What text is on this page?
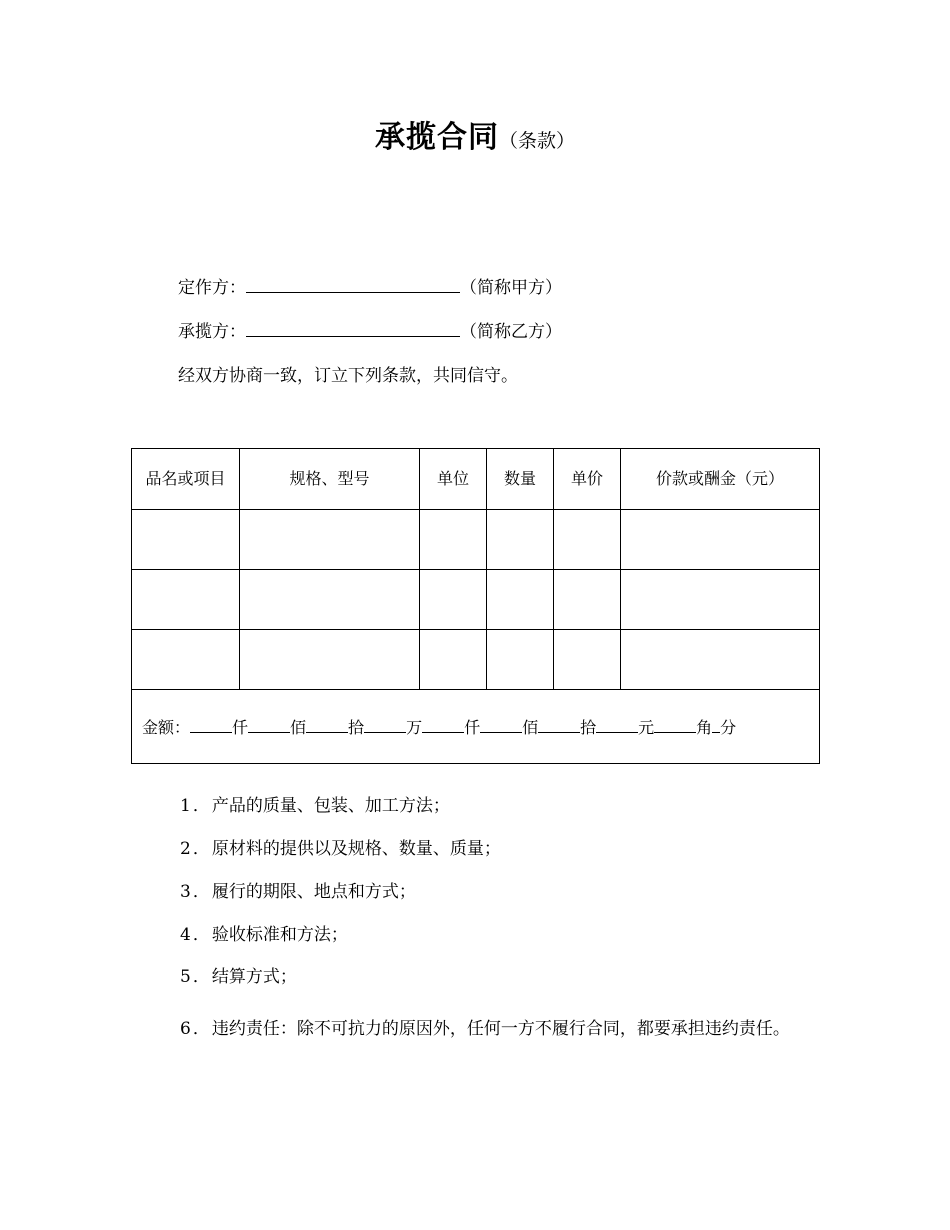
承揽合同（条款）
定作方：	（简称甲方）
承揽方：	（简称乙方）
经双方协商一致，订立下列条款，共同信守。
品名或项目	规格、型号	单位	数量	单价	价款或酬金（元）

金额： 仟 佰 拾 万 仟 佰 拾 元 角 分					
1．产品的质量、包装、加工方法；
2．原材料的提供以及规格、数量、质量；
3．履行的期限、地点和方式；
4．验收标准和方法；
5．结算方式；
6．违约责任：除不可抗力的原因外，任何一方不履行合同，都要承担违约责任。
